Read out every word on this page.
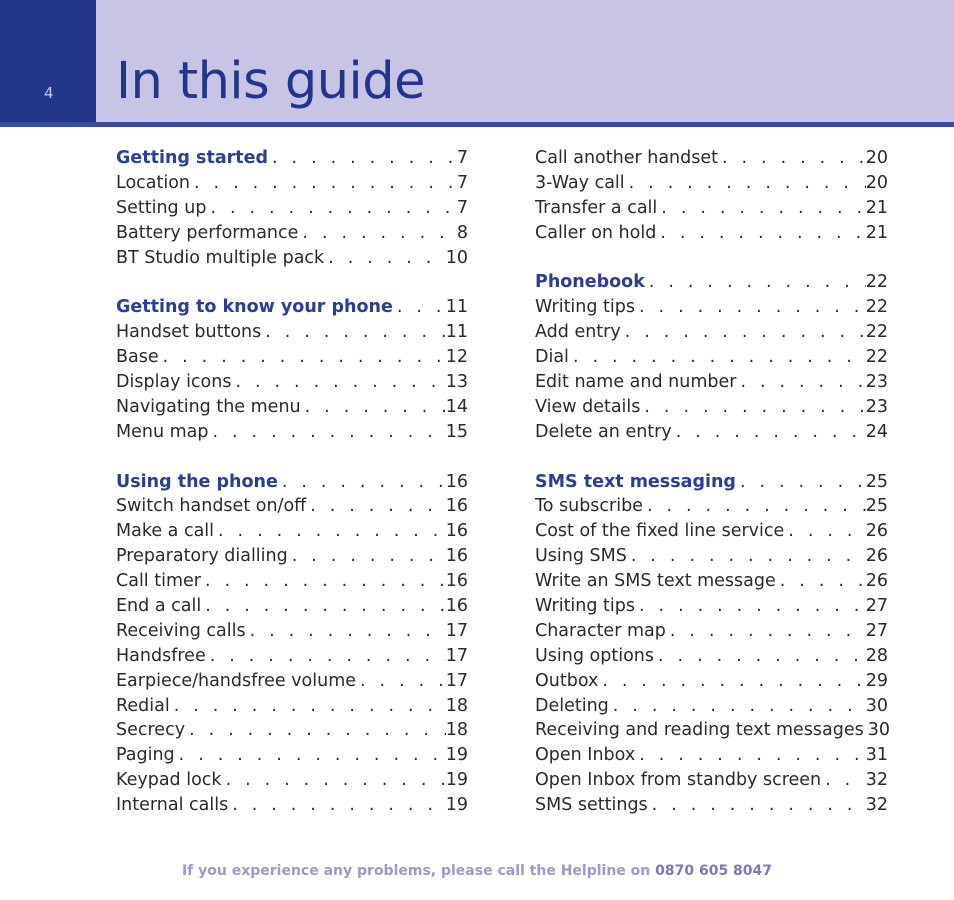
4 In this guide
Getting started . . .	7
Location . . .	7
Setting up . . .	7
Battery performance . . .	8
BT Studio multiple pack . . .	10
Getting to know your phone . . .	11
Handset buttons . . .	11
Base . . .	12
Display icons . . .	13
Navigating the menu . . .	14
Menu map . . .	15
Using the phone . . .	16
Switch handset on/off . . .	16
Make a call . . .	16
Preparatory dialling . . .	16
Call timer . . .	16
End a call . . .	16
Receiving calls . . .	17
Handsfree . . .	17
Earpiece/handsfree volume . . .	17
Redial . . .	18
Secrecy . . .	18
Paging . . .	19
Keypad lock . . .	19
Internal calls . . .	19
Call another handset . . .	20
3-Way call . . .	20
Transfer a call . . .	21
Caller on hold . . .	21
Phonebook . . .	22
Writing tips . . .	22
Add entry . . .	22
Dial . . .	22
Edit name and number . . .	23
View details . . .	23
Delete an entry . . .	24
SMS text messaging . . .	25
To subscribe . . .	25
Cost of the fixed line service . . .	26
Using SMS . . .	26
Write an SMS text message . . .	26
Writing tips . . .	27
Character map . . .	27
Using options . . .	28
Outbox . . .	29
Deleting . . .	30
Receiving and reading text messages . . . 30
Open Inbox . . .	31
Open Inbox from standby screen . . .	32
SMS settings . . .	32
If you experience any problems, please call the Helpline on 0870 605 8047
